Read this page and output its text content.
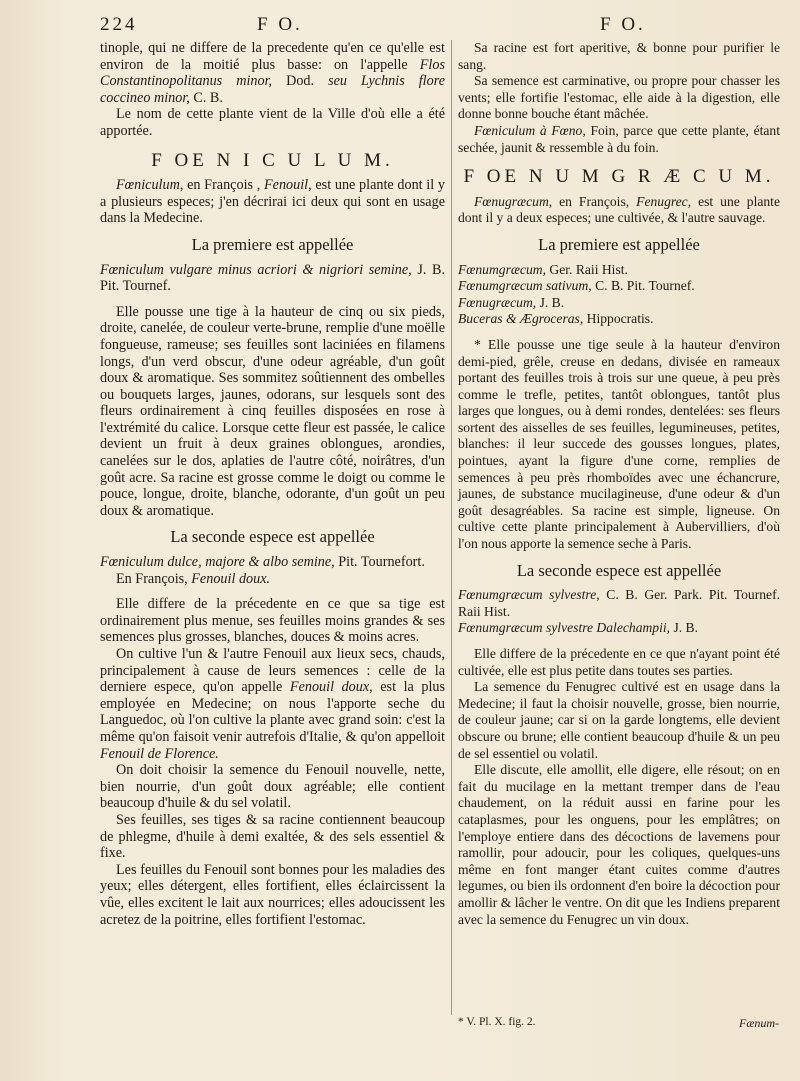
224	F O.	F O.

tinople, qui ne differe de la precedente qu'en ce qu'elle est environ de la moitié plus basse: on l'appelle Flos Constantinopolitanus minor, Dod. seu Lychnis flore coccineo minor, C. B.

Le nom de cette plante vient de la Ville d'où elle a été apportée.

F OE N I C U L U M.

Fœniculum, en François , Fenouil, est une plante dont il y a plusieurs especes; j'en décrirai ici deux qui sont en usage dans la Medecine.

La premiere est appellée

Fœniculum vulgare minus acriori & nigriori semine, J. B. Pit. Tournef.

Elle pousse une tige à la hauteur de cinq ou six pieds, droite, canelée, de couleur verte-brune, remplie d'une moëlle fongueuse, rameuse; ses feuilles sont laciniées en filamens longs, d'un verd obscur, d'une odeur agréable, d'un goût doux & aromatique. Ses sommitez soûtiennent des ombelles ou bouquets larges, jaunes, odorans, sur lesquels sont des fleurs ordinairement à cinq feuilles disposées en rose à l'extrémité du calice. Lorsque cette fleur est passée, le calice devient un fruit à deux graines oblongues, arondies, canelées sur le dos, aplaties de l'autre côté, noirâtres, d'un goût acre. Sa racine est grosse comme le doigt ou comme le pouce, longue, droite, blanche, odorante, d'un goût un peu doux & aromatique.

La seconde espece est appellée

Fœniculum dulce, majore & albo semine, Pit. Tournefort.

En François, Fenouil doux.

Elle differe de la précedente en ce que sa tige est ordinairement plus menue, ses feuilles moins grandes & ses semences plus grosses, blanches, douces & moins acres.

On cultive l'un & l'autre Fenouil aux lieux secs, chauds, principalement à cause de leurs semences : celle de la derniere espece, qu'on appelle Fenouil doux, est la plus employée en Medecine; on nous l'apporte seche du Languedoc, où l'on cultive la plante avec grand soin: c'est la même qu'on faisoit venir autrefois d'Italie, & qu'on appelloit Fenouil de Florence.

On doit choisir la semence du Fenouil nouvelle, nette, bien nourrie, d'un goût doux agréable; elle contient beaucoup d'huile & du sel volatil.

Ses feuilles, ses tiges & sa racine contiennent beaucoup de phlegme, d'huile à demi exaltée, & des sels essentiel & fixe.

Les feuilles du Fenouil sont bonnes pour les maladies des yeux; elles détergent, elles fortifient, elles éclaircissent la vûe, elles excitent le lait aux nourrices; elles adoucissent les acretez de la poitrine, elles fortifient l'estomac.

Sa racine est fort aperitive, & bonne pour purifier le sang.

Sa semence est carminative, ou propre pour chasser les vents; elle fortifie l'estomac, elle aide à la digestion, elle donne bonne bouche étant mâchée.

Fœniculum à Fœno, Foin, parce que cette plante, étant sechée, jaunit & ressemble à du foin.

F OE N U M G R Æ C U M.

Fœnugræcum, en François, Fenugrec, est une plante dont il y a deux especes; une cultivée, & l'autre sauvage.

La premiere est appellée

Fœnumgræcum, Ger. Raii Hist.

Fœnumgræcum sativum, C. B. Pit. Tournef.

Fœnugræcum, J. B.

Buceras & Ægroceras, Hippocratis.

* Elle pousse une tige seule à la hauteur d'environ demi-pied, grêle, creuse en dedans, divisée en rameaux portant des feuilles trois à trois sur une queue, à peu près comme le trefle, petites, tantôt oblongues, tantôt plus larges que longues, ou à demi rondes, dentelées: ses fleurs sortent des aisselles de ses feuilles, legumineuses, petites, blanches: il leur succede des gousses longues, plates, pointues, ayant la figure d'une corne, remplies de semences à peu près rhomboïdes avec une échancrure, jaunes, de substance mucilagineuse, d'une odeur & d'un goût desagréables. Sa racine est simple, ligneuse. On cultive cette plante principalement à Aubervilliers, d'où l'on nous apporte la semence seche à Paris.

La seconde espece est appellée

Fœnumgræcum sylvestre, C. B. Ger. Park. Pit. Tournef. Raii Hist.

Fœnumgræcum sylvestre Dalechampii, J. B.

Elle differe de la précedente en ce que n'ayant point été cultivée, elle est plus petite dans toutes ses parties.

La semence du Fenugrec cultivé est en usage dans la Medecine; il faut la choisir nouvelle, grosse, bien nourrie, de couleur jaune; car si on la garde longtems, elle devient obscure ou brune; elle contient beaucoup d'huile & un peu de sel essentiel ou volatil.

Elle discute, elle amollit, elle digere, elle résout; on en fait du mucilage en la mettant tremper dans de l'eau chaudement, on la réduit aussi en farine pour les cataplasmes, pour les onguens, pour les emplâtres; on l'employe entiere dans des décoctions de lavemens pour ramollir, pour adoucir, pour les coliques, quelques-uns même en font manger étant cuites comme d'autres legumes, ou bien ils ordonnent d'en boire la décoction pour amollir & lâcher le ventre. On dit que les Indiens preparent avec la semence du Fenugrec un vin doux.

* V. Pl. X. fig. 2.	Fænum-
